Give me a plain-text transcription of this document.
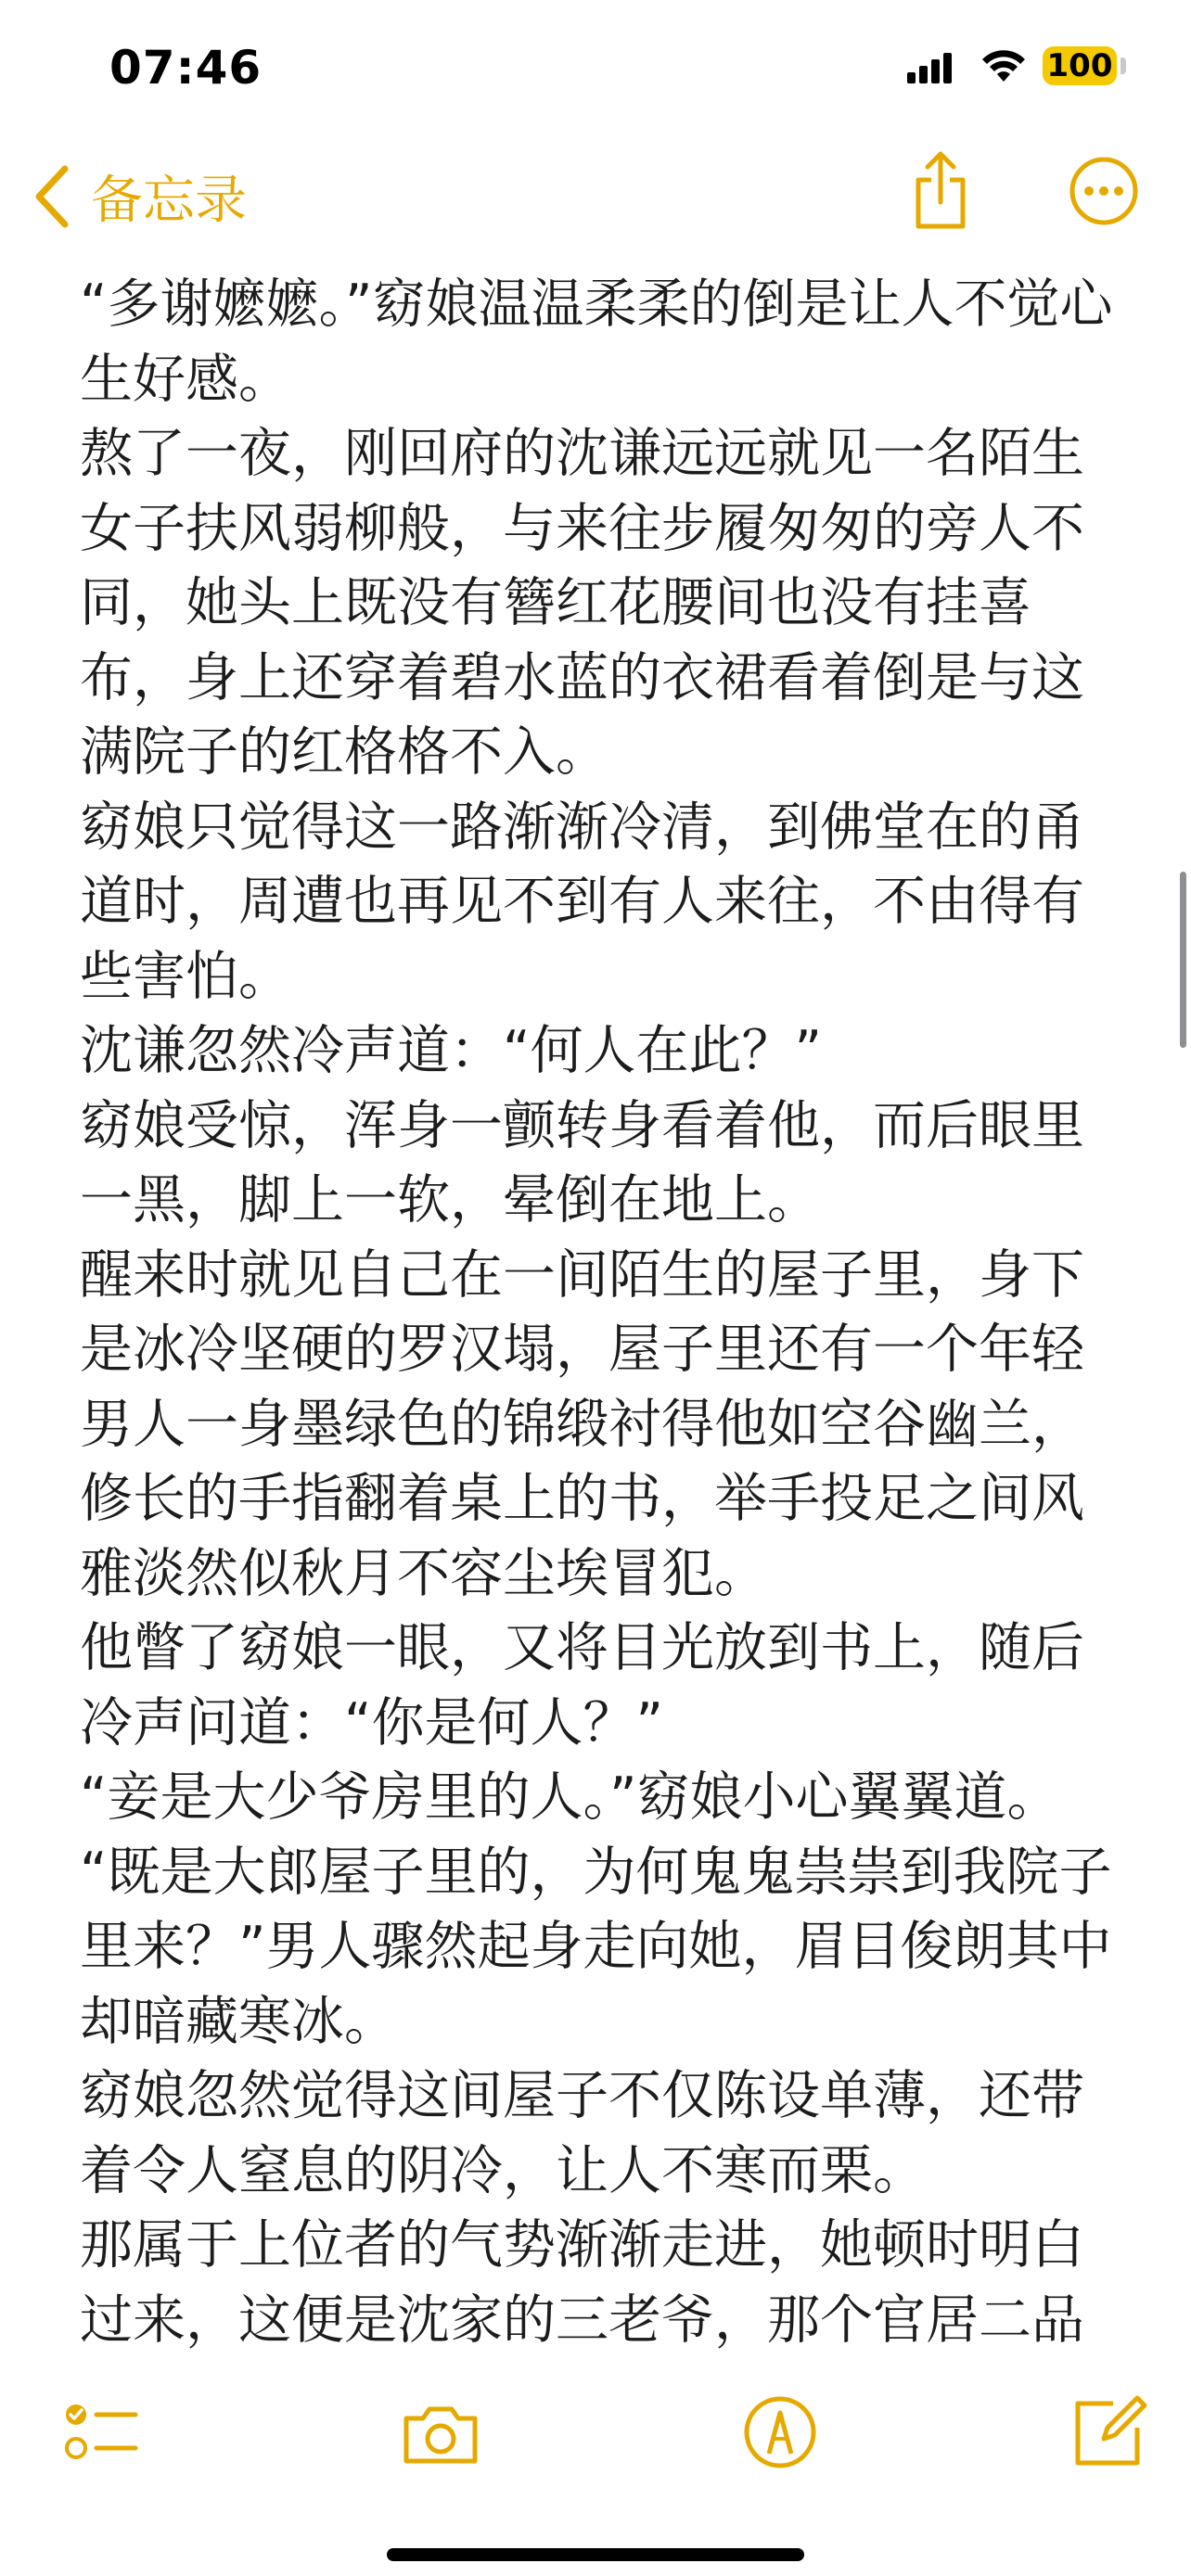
07:46	100

备忘录

“多谢嬷嬷。”窈娘温温柔柔的倒是让人不觉心生好感。

熬了一夜，刚回府的沈谦远远就见一名陌生女子扶风弱柳般，与来往步履匆匆的旁人不同，她头上既没有簪红花腰间也没有挂喜布，身上还穿着碧水蓝的衣裙看着倒是与这满院子的红格格不入。

窈娘只觉得这一路渐渐冷清，到佛堂在的甬道时，周遭也再见不到有人来往，不由得有些害怕。

沈谦忽然冷声道：“何人在此？”

窈娘受惊，浑身一颤转身看着他，而后眼里一黑，脚上一软，晕倒在地上。

醒来时就见自己在一间陌生的屋子里，身下是冰冷坚硬的罗汉塌，屋子里还有一个年轻男人一身墨绿色的锦缎衬得他如空谷幽兰，修长的手指翻着桌上的书，举手投足之间风雅淡然似秋月不容尘埃冒犯。

他瞥了窈娘一眼，又将目光放到书上，随后冷声问道：“你是何人？”

“妾是大少爷房里的人。”窈娘小心翼翼道。

“既是大郎屋子里的，为何鬼鬼祟祟到我院子里来？”男人骤然起身走向她，眉目俊朗其中却暗藏寒冰。

窈娘忽然觉得这间屋子不仅陈设单薄，还带着令人窒息的阴冷，让人不寒而栗。

那属于上位者的气势渐渐走进，她顿时明白过来，这便是沈家的三老爷，那个官居二品
